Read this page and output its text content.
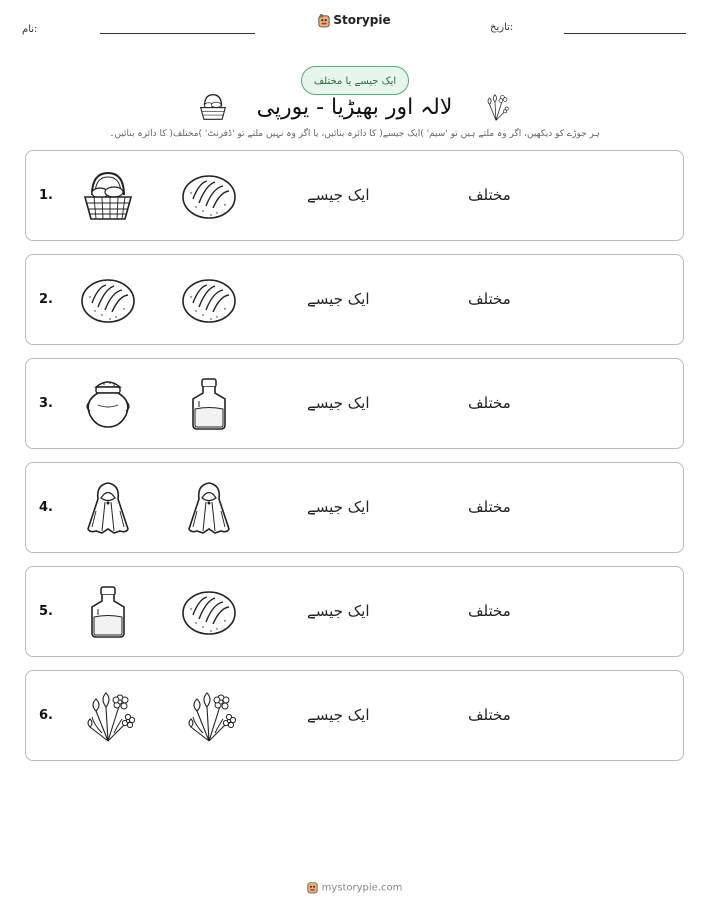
نام:	تاریخ:
Storypie
ایک جیسے یا مختلف
لالہ اور بھیڑیا - یورپی
ہر جوڑے کو دیکھیں، اگر وہ ملتے ہیں تو 'سیم' )ایک جیسے( کا دائرہ بنائیں، یا اگر وہ نہیں ملتے تو 'ڈفرنٹ' )مختلف( کا دائرہ بنائیں۔
1.	ایک جیسے	مختلف
2.	ایک جیسے	مختلف
3.	ایک جیسے	مختلف
4.	ایک جیسے	مختلف
5.	ایک جیسے	مختلف
6.	ایک جیسے	مختلف
mystorypie.com
